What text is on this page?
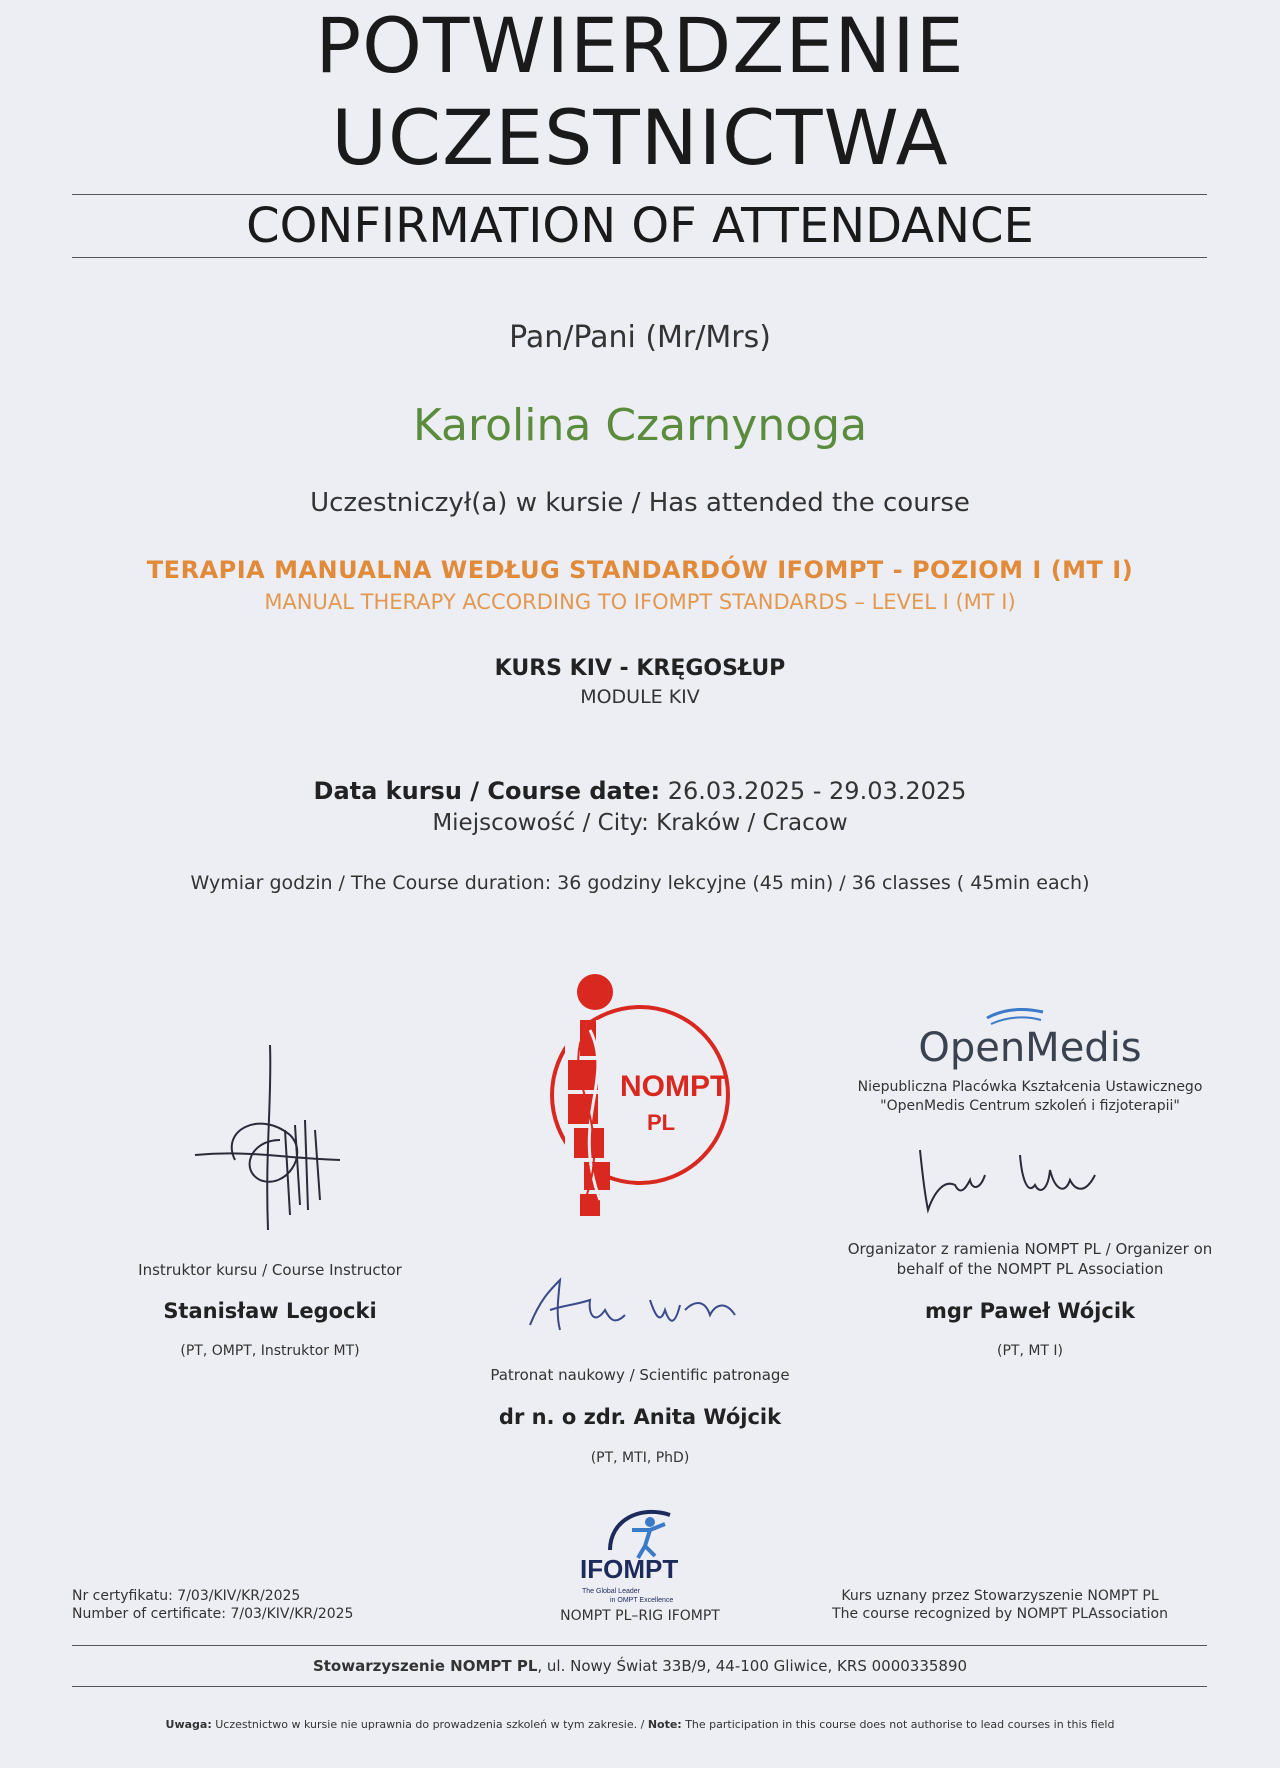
POTWIERDZENIE
UCZESTNICTWA
CONFIRMATION OF ATTENDANCE
Pan/Pani (Mr/Mrs)
Karolina Czarnynoga
Uczestniczył(a) w kursie / Has attended the course
TERAPIA MANUALNA WEDŁUG STANDARDÓW IFOMPT - POZIOM I (MT I)
MANUAL THERAPY ACCORDING TO IFOMPT STANDARDS – LEVEL I (MT I)
KURS KIV - KRĘGOSŁUP
MODULE KIV
Data kursu / Course date: 26.03.2025 - 29.03.2025
Miejscowość / City: Kraków / Cracow
Wymiar godzin / The Course duration: 36 godziny lekcyjne (45 min) / 36 classes ( 45min each)
Instruktor kursu / Course Instructor
Stanisław Legocki
(PT, OMPT, Instruktor MT)
NOMPT
PL
Patronat naukowy / Scientific patronage
dr n. o zdr. Anita Wójcik
(PT, MTI, PhD)
OpenMedis
Niepubliczna Placówka Kształcenia Ustawicznego
"OpenMedis Centrum szkoleń i fizjoterapii"
Organizator z ramienia NOMPT PL / Organizer on
behalf of the NOMPT PL Association
mgr Paweł Wójcik
(PT, MT I)
Nr certyfikatu: 7/03/KIV/KR/2025
Number of certificate: 7/03/KIV/KR/2025
IFOMPT
The Global Leader
in OMPT Excellence
NOMPT PL–RIG IFOMPT
Kurs uznany przez Stowarzyszenie NOMPT PL
The course recognized by NOMPT PLAssociation
Stowarzyszenie NOMPT PL, ul. Nowy Świat 33B/9, 44-100 Gliwice, KRS 0000335890
Uwaga: Uczestnictwo w kursie nie uprawnia do prowadzenia szkoleń w tym zakresie. / Note: The participation in this course does not authorise to lead courses in this field
